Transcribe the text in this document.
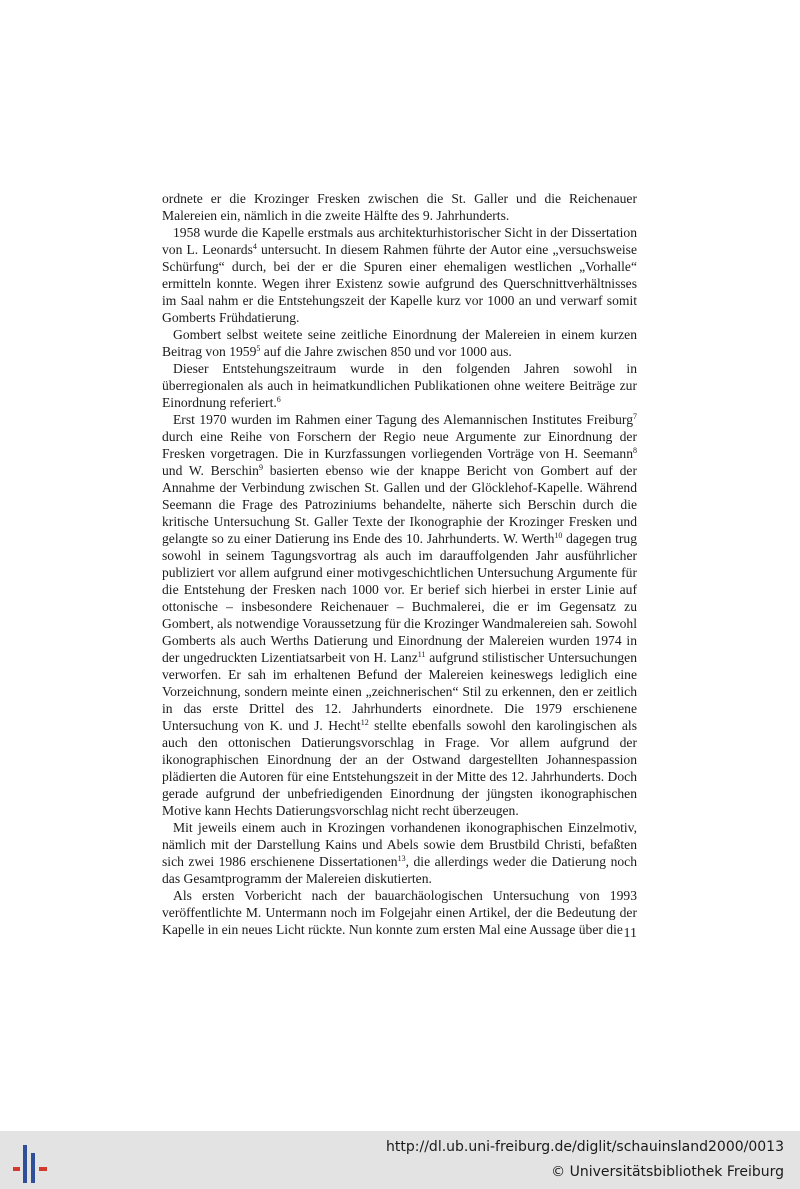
ordnete er die Krozinger Fresken zwischen die St. Galler und die Reichenauer Malereien ein, nämlich in die zweite Hälfte des 9. Jahrhunderts.

1958 wurde die Kapelle erstmals aus architekturhistorischer Sicht in der Dissertation von L. Leonards$^4$ untersucht. In diesem Rahmen führte der Autor eine „versuchsweise Schürfung“ durch, bei der er die Spuren einer ehemaligen westlichen „Vorhalle“ ermitteln konnte. Wegen ihrer Existenz sowie aufgrund des Querschnittverhältnisses im Saal nahm er die Entstehungszeit der Kapelle kurz vor 1000 an und verwarf somit Gomberts Frühdatierung.

Gombert selbst weitete seine zeitliche Einordnung der Malereien in einem kurzen Beitrag von 1959$^5$ auf die Jahre zwischen 850 und vor 1000 aus.

Dieser Entstehungszeitraum wurde in den folgenden Jahren sowohl in überregionalen als auch in heimatkundlichen Publikationen ohne weitere Beiträge zur Einordnung referiert.$^6$

Erst 1970 wurden im Rahmen einer Tagung des Alemannischen Institutes Freiburg$^7$ durch eine Reihe von Forschern der Regio neue Argumente zur Einordnung der Fresken vorgetragen. Die in Kurzfassungen vorliegenden Vorträge von H. Seemann$^8$ und W. Berschin$^9$ basierten ebenso wie der knappe Bericht von Gombert auf der Annahme der Verbindung zwischen St. Gallen und der Glöcklehof-Kapelle. Während Seemann die Frage des Patroziniums behandelte, näherte sich Berschin durch die kritische Untersuchung St. Galler Texte der Ikonographie der Krozinger Fresken und gelangte so zu einer Datierung ins Ende des 10. Jahrhunderts. W. Werth$^{10}$ dagegen trug sowohl in seinem Tagungsvortrag als auch im darauffolgenden Jahr ausführlicher publiziert vor allem aufgrund einer motivgeschichtlichen Untersuchung Argumente für die Entstehung der Fresken nach 1000 vor. Er berief sich hierbei in erster Linie auf ottonische – insbesondere Reichenauer – Buchmalerei, die er im Gegensatz zu Gombert, als notwendige Voraussetzung für die Krozinger Wandmalereien sah. Sowohl Gomberts als auch Werths Datierung und Einordnung der Malereien wurden 1974 in der ungedruckten Lizentiatsarbeit von H. Lanz$^{11}$ aufgrund stilistischer Untersuchungen verworfen. Er sah im erhaltenen Befund der Malereien keineswegs lediglich eine Vorzeichnung, sondern meinte einen „zeichnerischen“ Stil zu erkennen, den er zeitlich in das erste Drittel des 12. Jahrhunderts einordnete. Die 1979 erschienene Untersuchung von K. und J. Hecht$^{12}$ stellte ebenfalls sowohl den karolingischen als auch den ottonischen Datierungsvorschlag in Frage. Vor allem aufgrund der ikonographischen Einordnung der an der Ostwand dargestellten Johannespassion plädierten die Autoren für eine Entstehungszeit in der Mitte des 12. Jahrhunderts. Doch gerade aufgrund der unbefriedigenden Einordnung der jüngsten ikonographischen Motive kann Hechts Datierungsvorschlag nicht recht überzeugen.

Mit jeweils einem auch in Krozingen vorhandenen ikonographischen Einzelmotiv, nämlich mit der Darstellung Kains und Abels sowie dem Brustbild Christi, befaßten sich zwei 1986 erschienene Dissertationen$^{13}$, die allerdings weder die Datierung noch das Gesamtprogramm der Malereien diskutierten.

Als ersten Vorbericht nach der bauarchäologischen Untersuchung von 1993 veröffentlichte M. Untermann noch im Folgejahr einen Artikel, der die Bedeutung der Kapelle in ein neues Licht rückte. Nun konnte zum ersten Mal eine Aussage über die 11
http://dl.ub.uni-freiburg.de/diglit/schauinsland2000/0013
© Universitätsbibliothek Freiburg
